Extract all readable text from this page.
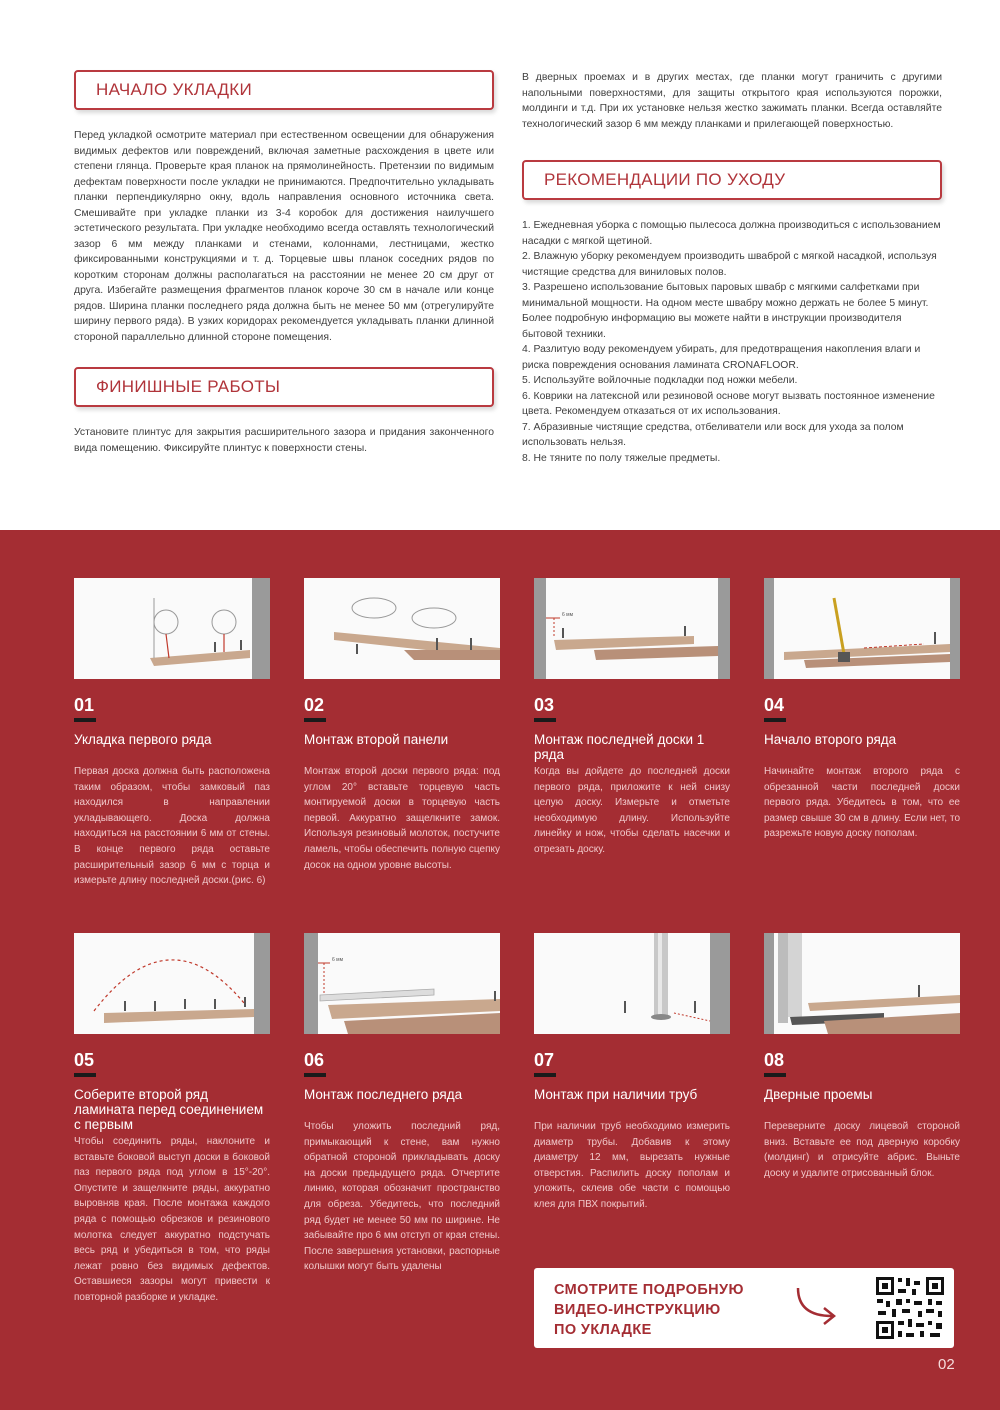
НАЧАЛО УКЛАДКИ
Перед укладкой осмотрите материал при естественном освещении для обнаружения видимых дефектов или повреждений, включая заметные расхождения в цвете или степени глянца. Проверьте края планок на прямолинейность. Претензии по видимым дефектам поверхности после укладки не принимаются. Предпочтительно укладывать планки перпендикулярно окну, вдоль направления основного источника света. Смешивайте при укладке планки из 3-4 коробок для достижения наилучшего эстетического результата. При укладке необходимо всегда оставлять технологический зазор 6 мм между планками и стенами, колоннами, лестницами, жестко фиксированными конструкциями и т. д. Торцевые швы планок соседних рядов по коротким сторонам должны располагаться на расстоянии не менее 20 см друг от друга. Избегайте размещения фрагментов планок короче 30 см в начале или конце рядов. Ширина планки последнего ряда должна быть не менее 50 мм (отрегулируйте ширину первого ряда). В узких коридорах рекомендуется укладывать планки длинной стороной параллельно длинной стороне помещения.
ФИНИШНЫЕ РАБОТЫ
Установите плинтус для закрытия расширительного зазора и придания законченного вида помещению. Фиксируйте плинтус к поверхности стены.
В дверных проемах и в других местах, где планки могут граничить с другими напольными поверхностями, для защиты открытого края используются порожки, молдинги и т.д. При их установке нельзя жестко зажимать планки. Всегда оставляйте технологический зазор 6 мм между планками и прилегающей поверхностью.
РЕКОМЕНДАЦИИ ПО УХОДУ
1. Ежедневная уборка с помощью пылесоса должна производиться с использованием насадки с мягкой щетиной.
2. Влажную уборку рекомендуем производить шваброй с мягкой насадкой, используя чистящие средства для виниловых полов.
3. Разрешено использование бытовых паровых швабр с мягкими салфетками при минимальной мощности. На одном месте швабру можно держать не более 5 минут. Более подробную информацию вы можете найти в инструкции производителя бытовой техники.
4. Разлитую воду рекомендуем убирать, для предотвращения накопления влаги и риска повреждения основания ламината CRONAFLOOR.
5. Используйте войлочные подкладки под ножки мебели.
6. Коврики на латексной или резиновой основе могут вызвать постоянное изменение цвета. Рекомендуем отказаться от их использования.
7. Абразивные чистящие средства, отбеливатели или воск для ухода за полом использовать нельзя.
8. Не тяните по полу тяжелые предметы.
01
Укладка первого ряда
Первая доска должна быть расположена таким образом, чтобы замковый паз находился в направлении укладывающего. Доска должна находиться на расстоянии 6 мм от стены. В конце первого ряда оставьте расширительный зазор 6 мм с торца и измерьте длину последней доски.(рис. 6)
02
Монтаж второй панели
Монтаж второй доски первого ряда: под углом 20° вставьте торцевую часть монтируемой доски в торцевую часть первой. Аккуратно защелкните замок. Используя резиновый молоток, постучите ламель, чтобы обеспечить полную сцепку досок на одном уровне высоты.
6 мм
03
Монтаж последней доски 1 ряда
Когда вы дойдете до последней доски первого ряда, приложите к ней снизу целую доску. Измерьте и отметьте необходимую длину. Используйте линейку и нож, чтобы сделать насечки и отрезать доску.
04
Начало второго ряда
Начинайте монтаж второго ряда с обрезанной части последней доски первого ряда. Убедитесь в том, что ее размер свыше 30 см в длину. Если нет, то разрежьте новую доску пополам.
05
Соберите второй ряд ламината перед соединением с первым
Чтобы соединить ряды, наклоните и вставьте боковой выступ доски в боковой паз первого ряда под углом в 15°-20°. Опустите и защелкните ряды, аккуратно выровняв края. После монтажа каждого ряда с помощью обрезков и резинового молотка следует аккуратно подстучать весь ряд и убедиться в том, что ряды лежат ровно без видимых дефектов. Оставшиеся зазоры могут привести к повторной разборке и укладке.
6 мм
06
Монтаж последнего ряда
Чтобы уложить последний ряд, примыкающий к стене, вам нужно обратной стороной прикладывать доску на доски предыдущего ряда. Отчертите линию, которая обозначит пространство для обреза. Убедитесь, что последний ряд будет не менее 50 мм по ширине. Не забывайте про 6 мм отступ от края стены. После завершения установки, распорные колышки могут быть удалены
07
Монтаж при наличии труб
При наличии труб необходимо измерить диаметр трубы. Добавив к этому диаметру 12 мм, вырезать нужные отверстия. Распилить доску пополам и уложить, склеив обе части с помощью клея для ПВХ покрытий.
08
Дверные проемы
Переверните доску лицевой стороной вниз. Вставьте ее под дверную коробку (молдинг) и отрисуйте абрис. Выньте доску и удалите отрисованный блок.
СМОТРИТЕ ПОДРОБНУЮ
ВИДЕО-ИНСТРУКЦИЮ
ПО УКЛАДКЕ
02
